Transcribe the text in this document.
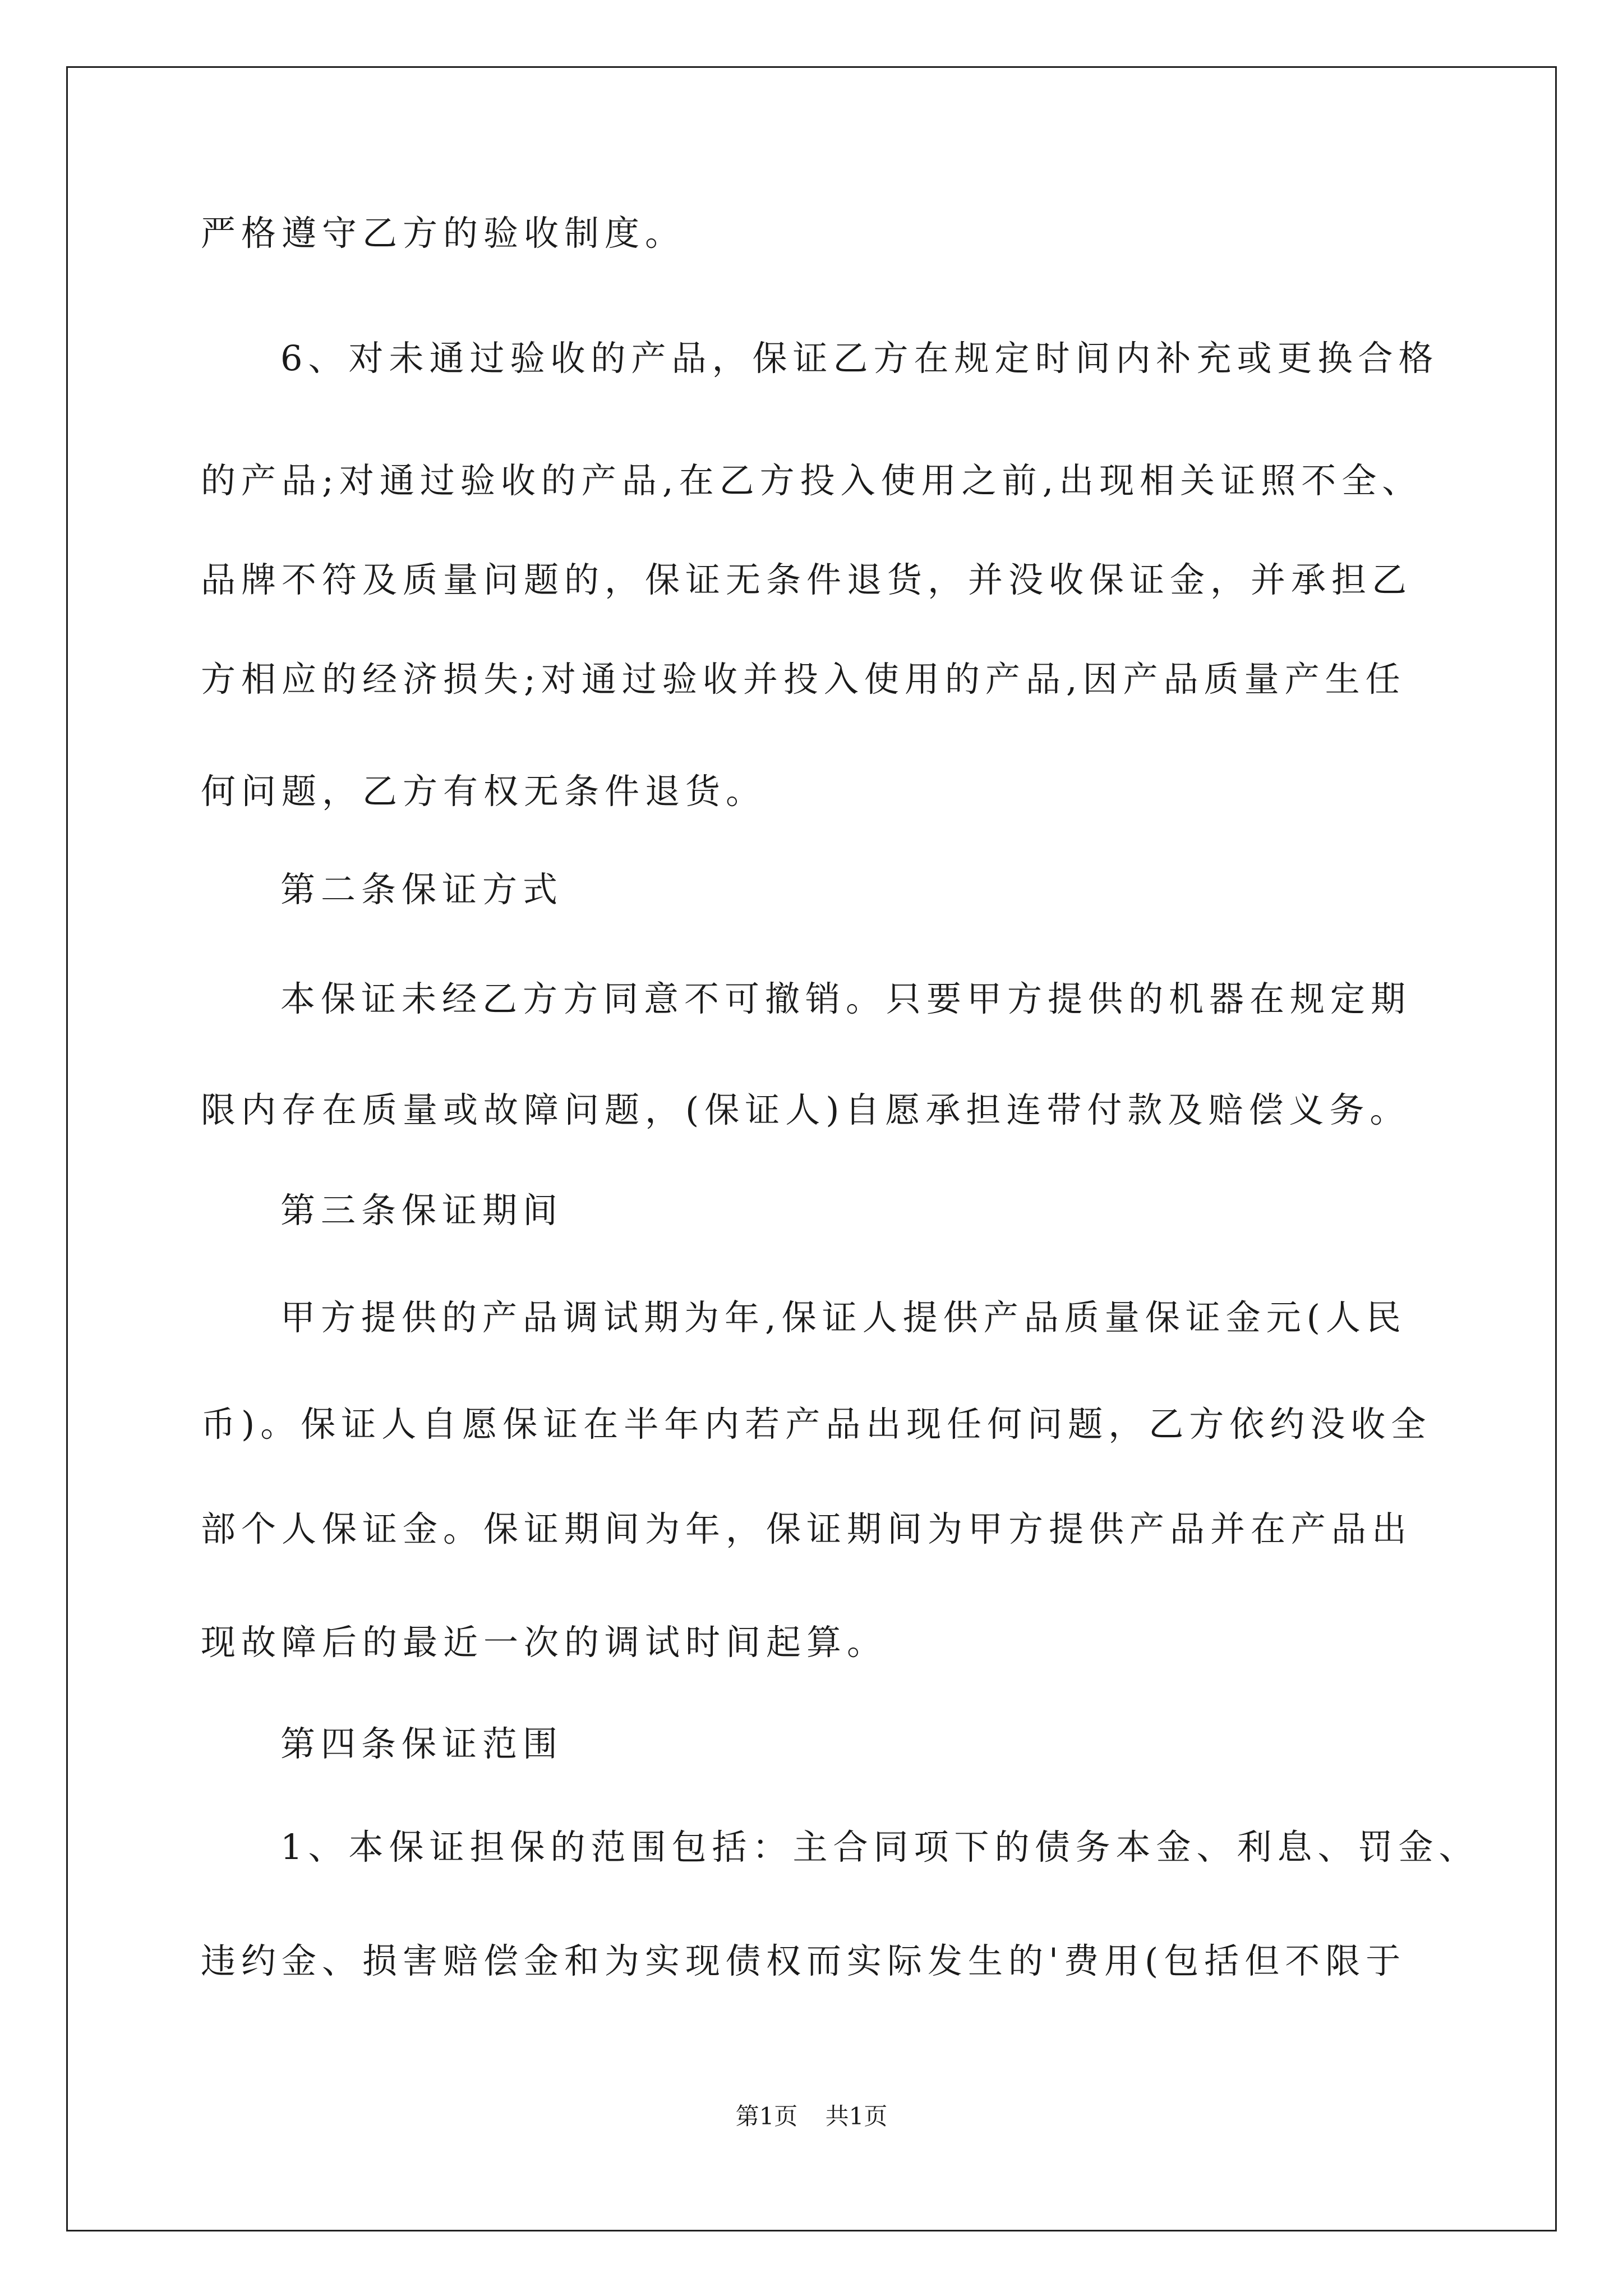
严格遵守乙方的验收制度。
6、对未通过验收的产品，保证乙方在规定时间内补充或更换合格
的产品;对通过验收的产品,在乙方投入使用之前,出现相关证照不全、
品牌不符及质量问题的，保证无条件退货，并没收保证金，并承担乙
方相应的经济损失;对通过验收并投入使用的产品,因产品质量产生任
何问题，乙方有权无条件退货。
第二条保证方式
本保证未经乙方方同意不可撤销。只要甲方提供的机器在规定期
限内存在质量或故障问题，(保证人)自愿承担连带付款及赔偿义务。
第三条保证期间
甲方提供的产品调试期为年,保证人提供产品质量保证金元(人民
币)。保证人自愿保证在半年内若产品出现任何问题，乙方依约没收全
部个人保证金。保证期间为年，保证期间为甲方提供产品并在产品出
现故障后的最近一次的调试时间起算。
第四条保证范围
1、本保证担保的范围包括：主合同项下的债务本金、利息、罚金、
违约金、损害赔偿金和为实现债权而实际发生的'费用(包括但不限于
第1页 共1页
